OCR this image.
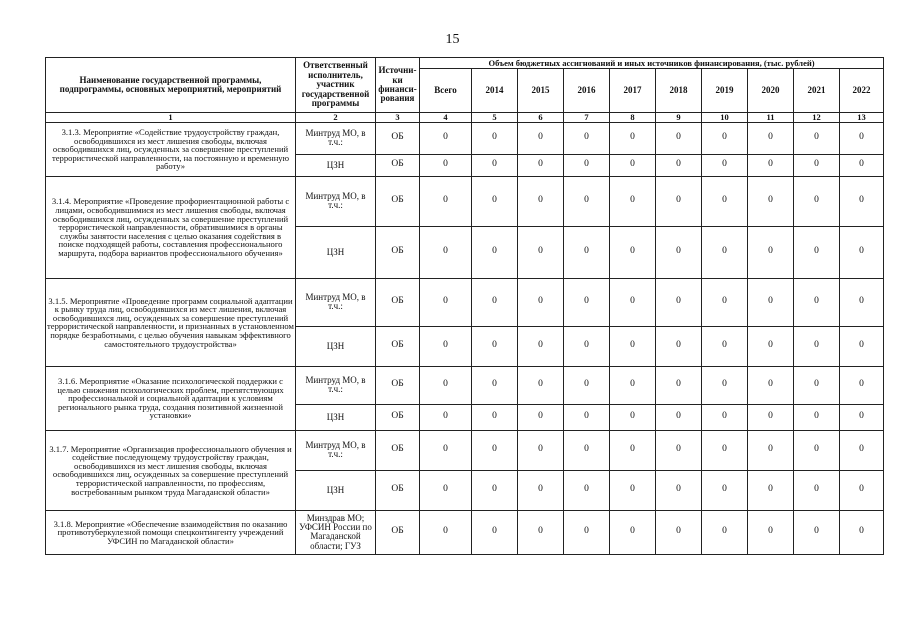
15
Наименование государственной программы, подпрограммы, основных мероприятий, мероприятий	Ответственный исполнитель, участник государственной программы	Источни-ки финанси-рования	Объем бюджетных ассигнований и иных источников финансирования, (тыс. рублей)									
			Всего	2014	2015	2016	2017	2018	2019	2020	2021	2022
1	2	3	4	5	6	7	8	9	10	11	12	13
3.1.3. Мероприятие «Содействие трудоустройству граждан, освободившихся из мест лишения свободы, включая освободившихся лиц, осужденных за совершение преступлений террористической направленности, на постоянную и временную работу»	Минтруд МО, в т.ч.:	ОБ	0	0	0	0	0	0	0	0	0	0
	ЦЗН	ОБ	0	0	0	0	0	0	0	0	0	0
3.1.4. Мероприятие «Проведение профориентационной работы с лицами, освободившимися из мест лишения свободы, включая освободившихся лиц, осужденных за совершение преступлений террористической направленности, обратившимися в органы службы занятости населения с целью оказания содействия в поиске подходящей работы, составления профессионального маршрута, подбора вариантов профессионального обучения»	Минтруд МО, в т.ч.:	ОБ	0	0	0	0	0	0	0	0	0	0
	ЦЗН	ОБ	0	0	0	0	0	0	0	0	0	0
3.1.5. Мероприятие «Проведение программ социальной адаптации к рынку труда лиц, освободившихся из мест лишения, включая освободившихся лиц, осужденных за совершение преступлений террористической направленности, и признанных в установленном порядке безработными, с целью обучения навыкам эффективного самостоятельного трудоустройства»	Минтруд МО, в т.ч.:	ОБ	0	0	0	0	0	0	0	0	0	0
	ЦЗН	ОБ	0	0	0	0	0	0	0	0	0	0
3.1.6. Мероприятие «Оказание психологической поддержки с целью снижения психологических проблем, препятствующих профессиональной и социальной адаптации к условиям регионального рынка труда, создания позитивной жизненной установки»	Минтруд МО, в т.ч.:	ОБ	0	0	0	0	0	0	0	0	0	0
	ЦЗН	ОБ	0	0	0	0	0	0	0	0	0	0
3.1.7. Мероприятие «Организация профессионального обучения и содействие последующему трудоустройству граждан, освободившихся из мест лишения свободы, включая освободившихся лиц, осужденных за совершение преступлений террористической направленности, по профессиям, востребованным рынком труда Магаданской области»	Минтруд МО, в т.ч.:	ОБ	0	0	0	0	0	0	0	0	0	0
	ЦЗН	ОБ	0	0	0	0	0	0	0	0	0	0
3.1.8. Мероприятие «Обеспечение взаимодействия по оказанию противотуберкулезной помощи спецконтингенту учреждений УФСИН по Магаданской области»	Минздрав МО; УФСИН России по Магаданской области; ГУЗ	ОБ	0	0	0	0	0	0	0	0	0	0
